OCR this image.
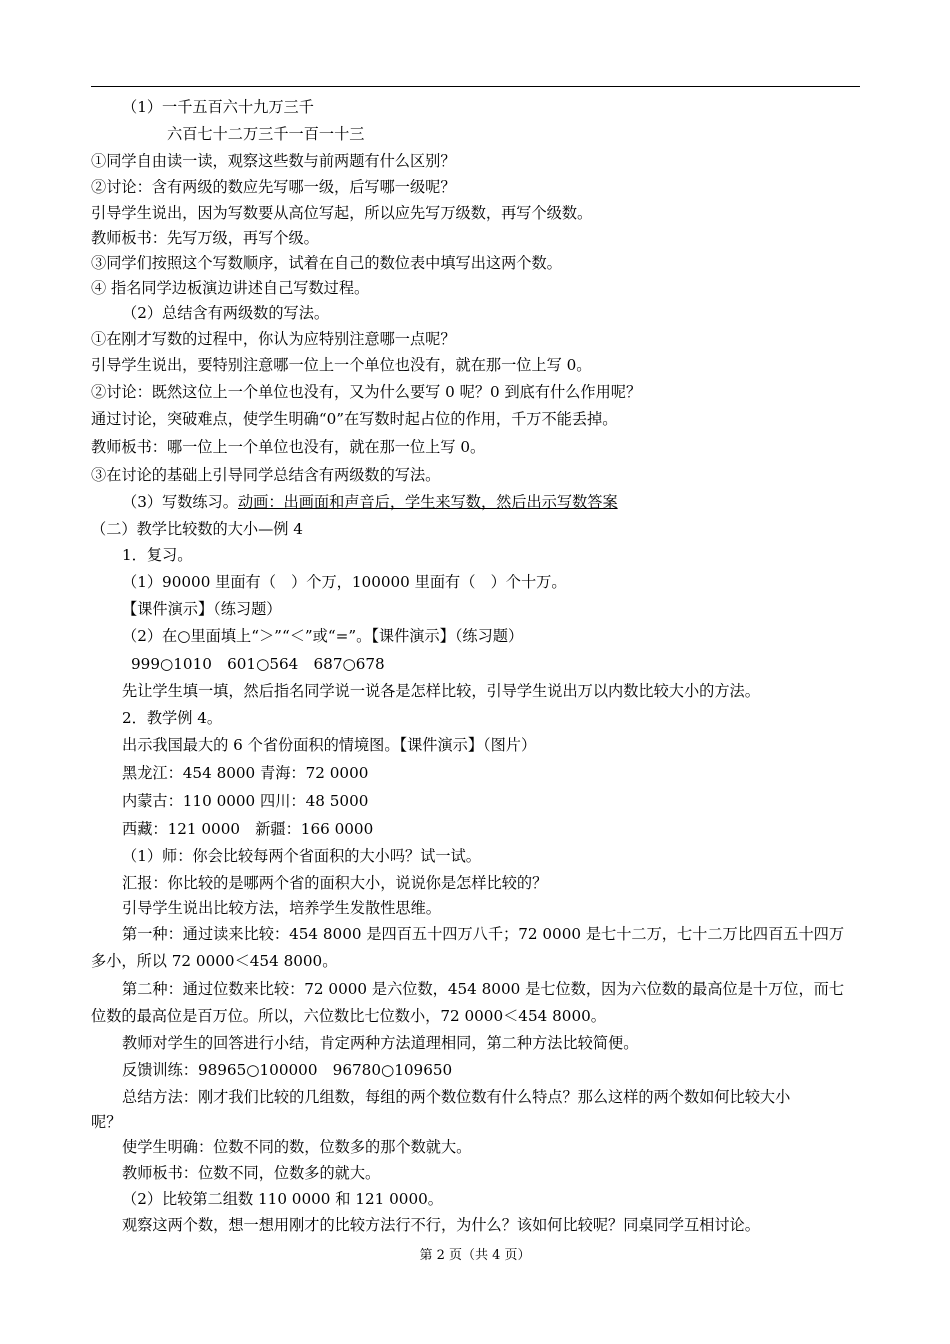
（1）一千五百六十九万三千
六百七十二万三千一百一十三
①同学自由读一读，观察这些数与前两题有什么区别？
②讨论：含有两级的数应先写哪一级，后写哪一级呢？
引导学生说出，因为写数要从高位写起，所以应先写万级数，再写个级数。
教师板书：先写万级，再写个级。
③同学们按照这个写数顺序，试着在自己的数位表中填写出这两个数。
④ 指名同学边板演边讲述自己写数过程。
（2）总结含有两级数的写法。
①在刚才写数的过程中，你认为应特别注意哪一点呢？
引导学生说出，要特别注意哪一位上一个单位也没有，就在那一位上写 0。
②讨论：既然这位上一个单位也没有，又为什么要写 0 呢？0 到底有什么作用呢？
通过讨论，突破难点，使学生明确“0”在写数时起占位的作用，千万不能丢掉。
教师板书：哪一位上一个单位也没有，就在那一位上写 0。
③在讨论的基础上引导同学总结含有两级数的写法。
（3）写数练习。动画：出画面和声音后，学生来写数，然后出示写数答案
（二）教学比较数的大小—例 4
1．复习。
（1）90000 里面有（　）个万，100000 里面有（　）个十万。
【课件演示】（练习题）
（2）在○里面填上“＞”“＜”或“=”。【课件演示】（练习题）
999○1010　601○564　687○678
先让学生填一填，然后指名同学说一说各是怎样比较，引导学生说出万以内数比较大小的方法。
2．教学例 4。
出示我国最大的 6 个省份面积的情境图。【课件演示】（图片）
黑龙江：454 8000 青海：72 0000
内蒙古：110 0000 四川：48 5000
西藏：121 0000　新疆：166 0000
（1）师：你会比较每两个省面积的大小吗？试一试。
汇报：你比较的是哪两个省的面积大小，说说你是怎样比较的？
引导学生说出比较方法，培养学生发散性思维。
第一种：通过读来比较：454 8000 是四百五十四万八千；72 0000 是七十二万，七十二万比四百五十四万
多小，所以 72 0000＜454 8000。
第二种：通过位数来比较：72 0000 是六位数，454 8000 是七位数，因为六位数的最高位是十万位，而七
位数的最高位是百万位。所以，六位数比七位数小，72 0000＜454 8000。
教师对学生的回答进行小结，肯定两种方法道理相同，第二种方法比较简便。
反馈训练：98965○100000　96780○109650
总结方法：刚才我们比较的几组数，每组的两个数位数有什么特点？那么这样的两个数如何比较大小
呢？
使学生明确：位数不同的数，位数多的那个数就大。
教师板书：位数不同，位数多的就大。
（2）比较第二组数 110 0000 和 121 0000。
观察这两个数，想一想用刚才的比较方法行不行，为什么？该如何比较呢？同桌同学互相讨论。
第 2 页（共 4 页）
